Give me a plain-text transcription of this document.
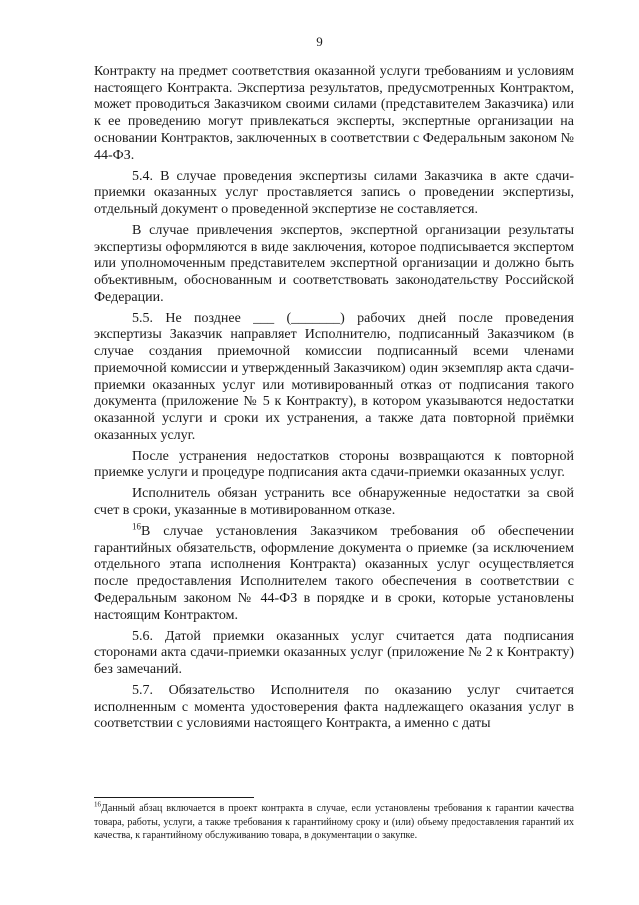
9

Контракту на предмет соответствия оказанной услуги требованиям и условиям настоящего Контракта. Экспертиза результатов, предусмотренных Контрактом, может проводиться Заказчиком своими силами (представителем Заказчика) или к ее проведению могут привлекаться эксперты, экспертные организации на основании Контрактов, заключенных в соответствии с Федеральным законом № 44-ФЗ.

5.4. В случае проведения экспертизы силами Заказчика в акте сдачи-приемки оказанных услуг проставляется запись о проведении экспертизы, отдельный документ о проведенной экспертизе не составляется.

В случае привлечения экспертов, экспертной организации результаты экспертизы оформляются в виде заключения, которое подписывается экспертом или уполномоченным представителем экспертной организации и должно быть объективным, обоснованным и соответствовать законодательству Российской Федерации.

5.5. Не позднее ___ (_______) рабочих дней после проведения экспертизы Заказчик направляет Исполнителю, подписанный Заказчиком (в случае создания приемочной комиссии подписанный всеми членами приемочной комиссии и утвержденный Заказчиком) один экземпляр акта сдачи-приемки оказанных услуг или мотивированный отказ от подписания такого документа (приложение № 5 к Контракту), в котором указываются недостатки оказанной услуги и сроки их устранения, а также дата повторной приёмки оказанных услуг.

После устранения недостатков стороны возвращаются к повторной приемке услуги и процедуре подписания акта сдачи-приемки оказанных услуг.

Исполнитель обязан устранить все обнаруженные недостатки за свой счет в сроки, указанные в мотивированном отказе.

$^{16}$В случае установления Заказчиком требования об обеспечении гарантийных обязательств, оформление документа о приемке (за исключением отдельного этапа исполнения Контракта) оказанных услуг осуществляется после предоставления Исполнителем такого обеспечения в соответствии с Федеральным законом № 44-ФЗ в порядке и в сроки, которые установлены настоящим Контрактом.

5.6. Датой приемки оказанных услуг считается дата подписания сторонами акта сдачи-приемки оказанных услуг (приложение № 2 к Контракту) без замечаний.

5.7. Обязательство Исполнителя по оказанию услуг считается исполненным с момента удостоверения факта надлежащего оказания услуг в соответствии с условиями настоящего Контракта, а именно с даты

$^{16}$Данный абзац включается в проект контракта в случае, если установлены требования к гарантии качества товара, работы, услуги, а также требования к гарантийному сроку и (или) объему предоставления гарантий их качества, к гарантийному обслуживанию товара, в документации о закупке.
